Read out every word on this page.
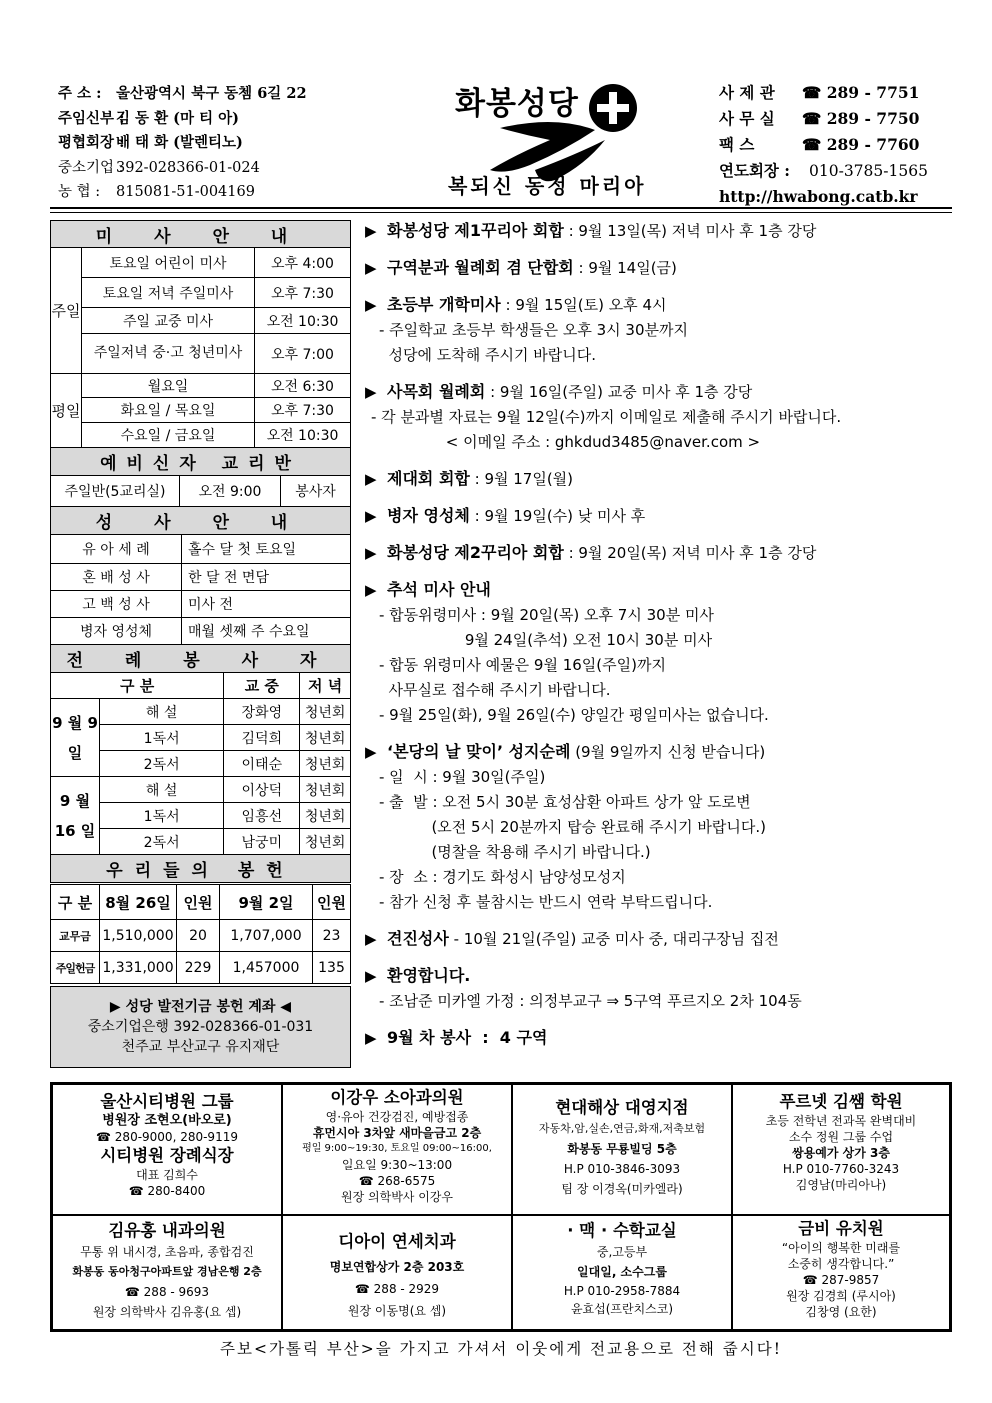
주 소 : 울산광역시 북구 동쳄 6길 22
주임신부 :김 동 환 (마 티 아)
평협회장 :배 태 화 (발렌티노)
중소기업 :392-028366-01-024
농 협 : 815081-51-004169
화봉성당
복되신 동정 마리아
사 제 관 ☎ 289 - 7751
사 무 실 ☎ 289 - 7750
팩 스	☎ 289 - 7760
연도회장 : 010-3785-1565
http://hwabong.catb.kr
미 사 안 내		
주일	토요일 어린이 미사	오후 4:00
	토요일 저녁 주일미사	오후 7:30
	주일 교중 미사	오전 10:30
	주일저녁 중·고 청년미사	오후 7:00
평일	월요일	오전 6:30
	화요일 / 목요일	오후 7:30
	수요일 / 금요일	오전 10:30
예비신자 교리반		
주일반(5교리실)	오전 9:00	봉사자
성 사 안 내
유 아 세 례	홀수 달 첫 토요일
혼 배 성 사	한 달 전 면담
고 백 성 사	미사 전
병자 영성체	매월 셋째 주 수요일
전 례 봉 사 자	
구 분		교 중	저 녁
9 월 9 일	해 설	장화영	청년회
	1독서	김덕희	청년회
	2독서	이태순	청년회
9 월 16 일	해 설	이상덕	청년회
	1독서	임흥선	청년회
	2독서	남궁미	청년회
우리들의 봉헌			
구 분	8월 26일	인원	9월 2일	인원
교무금	1,510,000	20	1,707,000	23
주일헌금	1,331,000	229	1,457000	135
▶ 성당 발전기금 봉헌 계좌 ◀
중소기업은행 392-028366-01-031
천주교 부산교구 유지재단
▶ 화봉성당 제1꾸리아 회합 : 9월 13일(목) 저녁 미사 후 1층 강당
▶ 구역분과 월례회 겸 단합회 : 9월 14일(금)
▶ 초등부 개학미사 : 9월 15일(토) 오후 4시
- 주일학교 초등부 학생들은 오후 3시 30분까지
성당에 도착해 주시기 바랍니다.
▶ 사목회 월례회 : 9월 16일(주일) 교중 미사 후 1층 강당
- 각 분과별 자료는 9월 12일(수)까지 이메일로 제출해 주시기 바랍니다.
< 이메일 주소 : ghkdud3485@naver.com >
▶ 제대회 회합 : 9월 17일(월)
▶ 병자 영성체 : 9월 19일(수) 낮 미사 후
▶ 화봉성당 제2꾸리아 회합 : 9월 20일(목) 저녁 미사 후 1층 강당
▶ 추석 미사 안내
- 합동위령미사 : 9월 20일(목) 오후 7시 30분 미사
9월 24일(추석) 오전 10시 30분 미사
- 합동 위령미사 예물은 9월 16일(주일)까지
사무실로 접수해 주시기 바랍니다.
- 9월 25일(화), 9월 26일(수) 양일간 평일미사는 없습니다.
▶ ‘본당의 날 맞이’ 성지순례 (9월 9일까지 신청 받습니다)
- 일  시 : 9월 30일(주일)
- 출  발 : 오전 5시 30분 효성삼환 아파트 상가 앞 도로변
(오전 5시 20분까지 탑승 완료해 주시기 바랍니다.)
(명찰을 착용해 주시기 바랍니다.)
- 장  소 : 경기도 화성시 남양성모성지
- 참가 신청 후 불참시는 반드시 연락 부탁드립니다.
▶ 견진성사 - 10월 21일(주일) 교중 미사 중, 대리구장님 집전
▶ 환영합니다.
- 조남준 미카엘 가정 : 의정부교구 ⇒ 5구역 푸르지오 2차 104동
▶ 9월 차 봉사  :  4 구역
울산시티병원 그룹
병원장 조현오(바오로)
☎ 280-9000, 280-9119
시티병원 장례식장
대표 김희수
☎ 280-8400
이강우 소아과의원
영·유아 건강검진, 예방접종
휴먼시아 3차앞 새마을금고 2층
평일 9:00~19:30, 토요일 09:00~16:00,
일요일 9:30~13:00
☎ 268-6575
원장 의학박사 이강우
현대해상 대영지점
자동차,암,실손,연금,화재,저축보험
화봉동 무룡빌딩 5층
H.P 010-3846-3093
팀 장 이경옥(미카엘라)
푸르넷 김쌤 학원
초등 전학년 전과목 완벽대비
소수 정원 그룹 수업
쌍용예가 상가 3층
H.P 010-7760-3243
김영남(마리아나)
김유홍 내과의원
무통 위 내시경, 초음파, 종합검진
화봉동 동아청구아파트앞 경남은행 2층
☎ 288 - 9693
원장 의학박사 김유홍(요 셉)
디아이 연세치과
명보연합상가 2층 203호
☎ 288 - 2929
원장 이동명(요 셉)
· 맥 · 수학교실
중,고등부
일대일, 소수그룹
H.P 010-2958-7884
윤효섭(프란치스코)
금비 유치원
“아이의 행복한 미래를
소중히 생각합니다.”
☎ 287-9857
원장 김경희 (루시아)
김창영 (요한)
주보<가톨릭 부산>을 가지고 가셔서 이웃에게 전교용으로 전해 줍시다!
